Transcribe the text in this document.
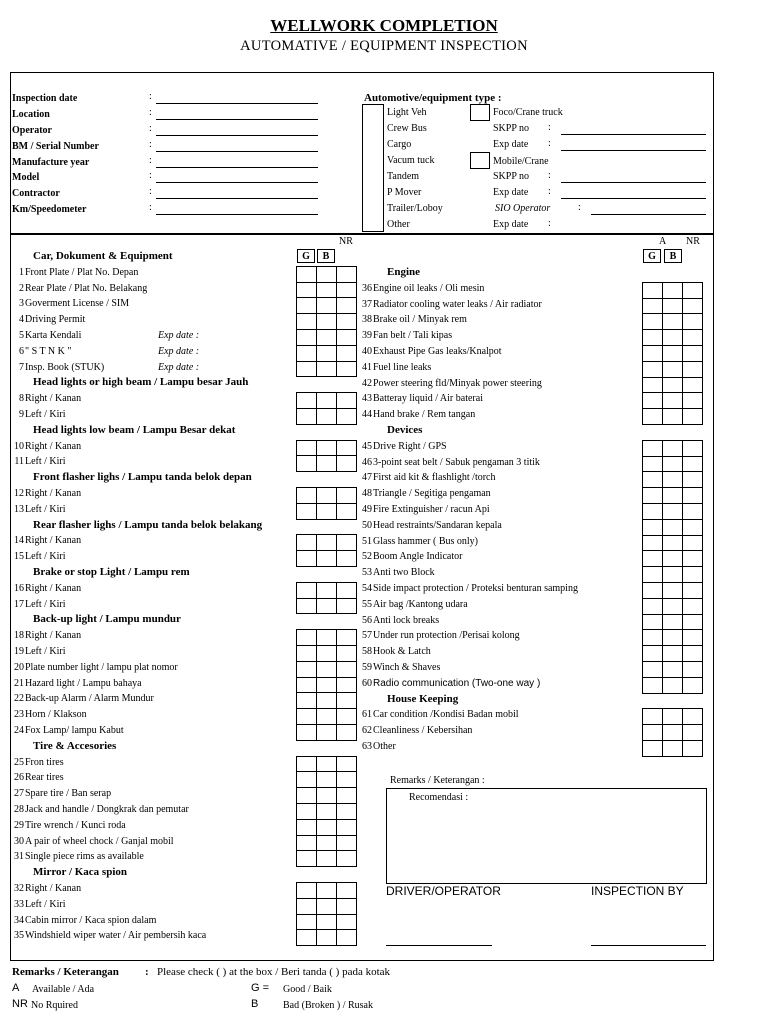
WELLWORK COMPLETION
AUTOMATIVE / EQUIPMENT INSPECTION
Inspection date	:
Location	:
Operator	:
BM / Serial Number	:
Manufacture year	:
Model	:
Contractor	:
Km/Speedometer	:
Automotive/equipment type :
Light Veh
Crew Bus
Cargo
Vacum tuck
Tandem
P Mover
Trailer/Loboy
Other
Foco/Crane truck
Mobile/Crane
SKPP no :
Exp date :
SKPP no :
Exp date :
SIO Operator	:
Exp date :
NR
G	B
A NR
G	B
Car, Dokument & Equipment
1Front Plate / Plat No. Depan
2Rear Plate / Plat No. Belakang
3Goverment License / SIM
4Driving Permit
5Karta Kendali	Exp date :
6" S T N K "	Exp date :
7Insp. Book (STUK)	Exp date :

Head lights or high beam / Lampu besar Jauh
8Right / Kanan
9Left / Kiri

Head lights low beam / Lampu Besar dekat
10Right / Kanan
11Left / Kiri

Front flasher lighs / Lampu tanda belok depan
12Right / Kanan
13Left / Kiri

Rear flasher lighs / Lampu tanda belok belakang
14Right / Kanan
15Left / Kiri

Brake or stop Light / Lampu rem
16Right / Kanan
17Left / Kiri

Back-up light / Lampu mundur
18Right / Kanan
19Left / Kiri
20Plate number light / lampu plat nomor
21Hazard light / Lampu bahaya
22Back-up Alarm / Alarm Mundur
23Horn / Klakson
24Fox Lamp/ lampu Kabut

Tire & Accesories
25Fron tires
26Rear tires
27Spare tire / Ban serap
28Jack and handle / Dongkrak dan pemutar
29Tire wrench / Kunci roda
30A pair of wheel chock / Ganjal mobil
31Single piece rims as available

Mirror / Kaca spion
32Right / Kanan
33Left / Kiri
34Cabin mirror / Kaca spion dalam
35Windshield wiper water / Air pembersih kaca

Engine
36Engine oil leaks / Oli mesin
37Radiator cooling water leaks / Air radiator
38Brake oil / Minyak rem
39Fan belt / Tali kipas
40Exhaust Pipe Gas leaks/Knalpot
41Fuel line leaks
42Power steering fld/Minyak power steering
43Batteray liquid / Air baterai
44Hand brake / Rem tangan

Devices
45Drive Right / GPS
463-point seat belt / Sabuk pengaman 3 titik
47First aid kit & flashlight /torch
48Triangle / Segitiga pengaman
49Fire Extinguisher / racun Api
50Head restraints/Sandaran kepala
51Glass hammer ( Bus only)
52Boom Angle Indicator
53Anti two Block
54Side impact protection / Proteksi benturan samping
55Air bag /Kantong udara
56Anti lock breaks
57Under run protection /Perisai kolong
58Hook & Latch
59Winch & Shaves
60Radio communication (Two-one way )

House Keeping
61Car condition /Kondisi Badan mobil
62Cleanliness / Kebersihan
63Other

Remarks / Keterangan :
Recomendasi :
DRIVER/OPERATOR	INSPECTION BY
Remarks / Keterangan : Please check ( ) at the box / Beri tanda ( ) pada kotak
A Available / Ada	G = Good / Baik
NR No Rquired	B Bad (Broken ) / Rusak
